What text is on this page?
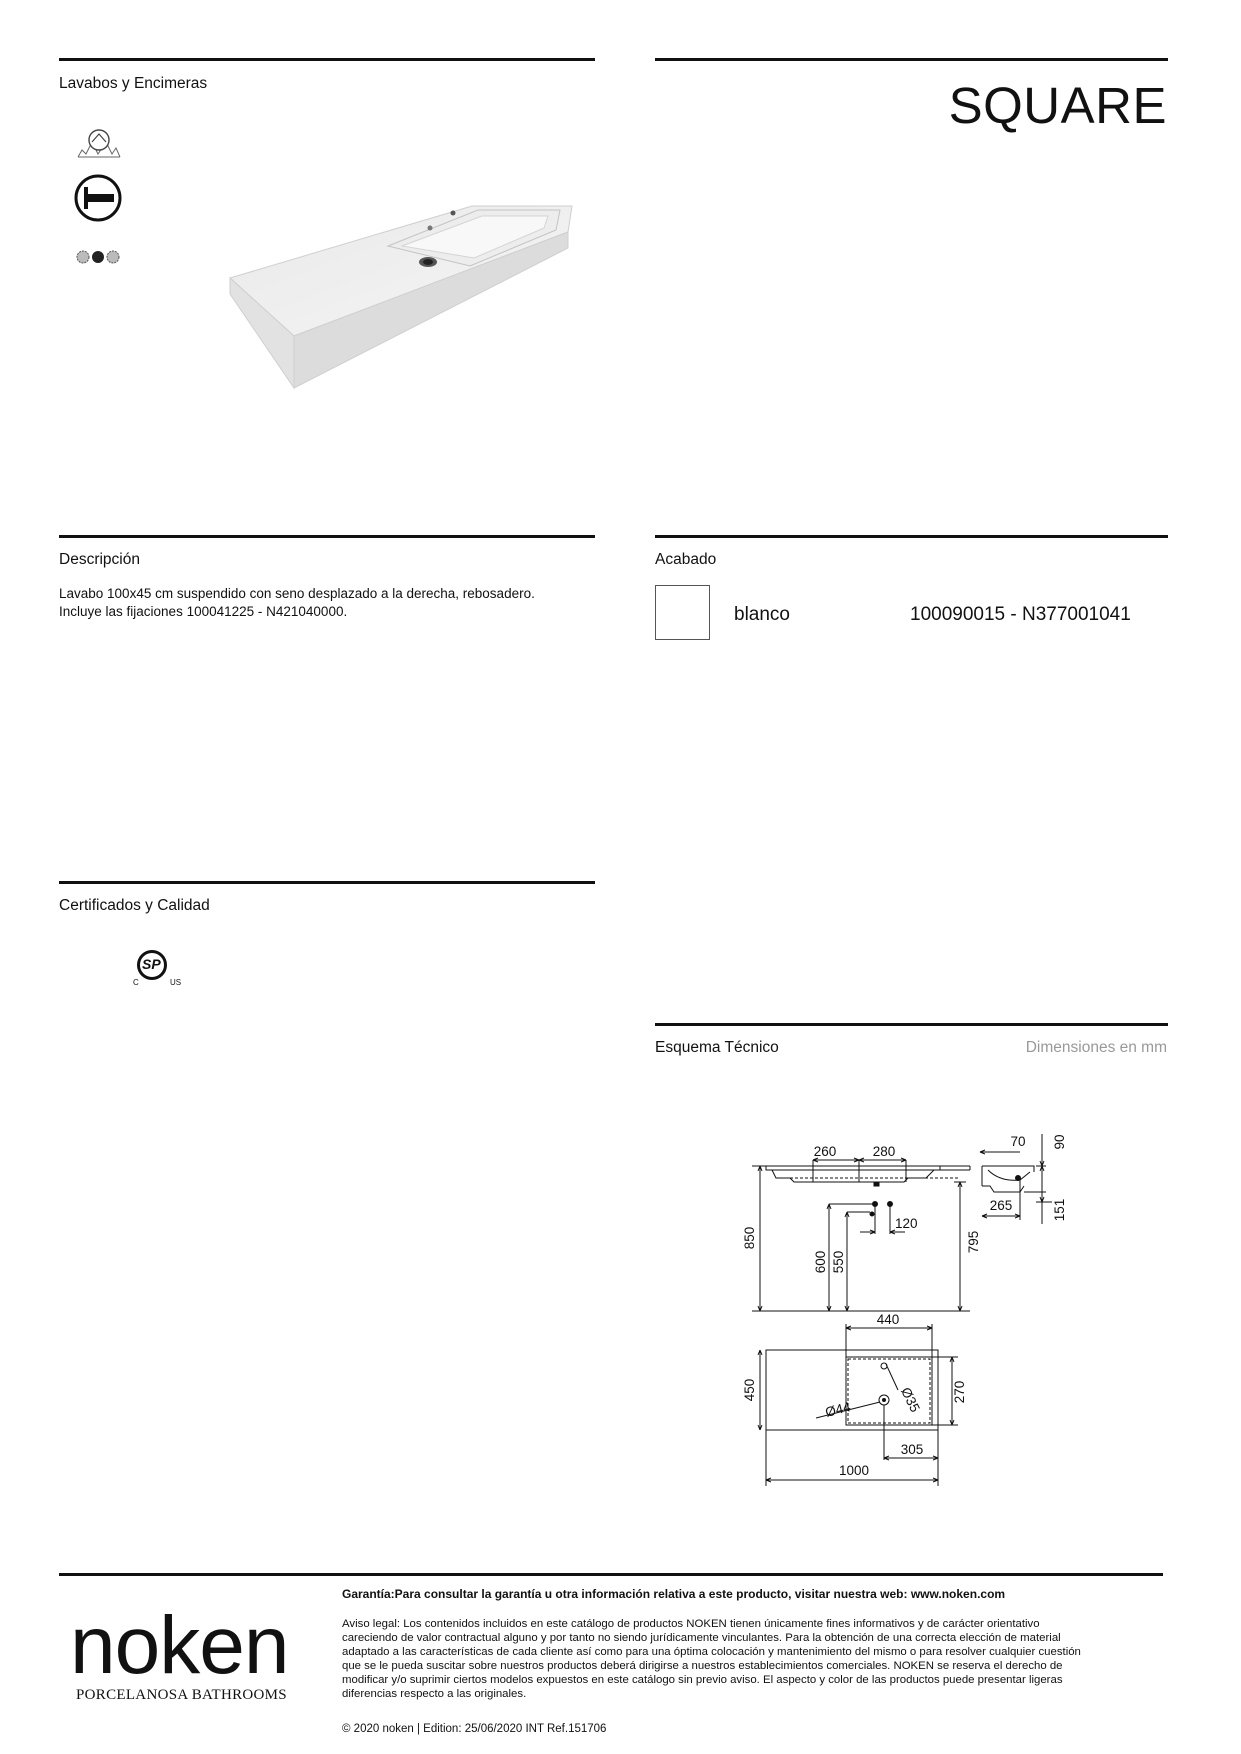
Lavabos y Encimeras	SQUARE
Descripción
Lavabo 100x45 cm suspendido con seno desplazado a la derecha, rebosadero.
Incluye las fijaciones 100041225 - N421040000.
Acabado
blanco	100090015 - N377001041
Certificados y Calidad
SP
C	US
Esquema Técnico	Dimensiones en mm
260	280
70 90
850
600 550
120
795
265	151
440
450
Ø44	Ø35 270
305
1000
noken
PORCELANOSA BATHROOMS
Garantía:Para consultar la garantía u otra información relativa a este producto, visitar nuestra web: www.noken.com
Aviso legal: Los contenidos incluidos en este catálogo de productos NOKEN tienen únicamente fines informativos y de carácter orientativo
careciendo de valor contractual alguno y por tanto no siendo jurídicamente vinculantes. Para la obtención de una correcta elección de material
adaptado a las características de cada cliente así como para una óptima colocación y mantenimiento del mismo o para resolver cualquier cuestión
que se le pueda suscitar sobre nuestros productos deberá dirigirse a nuestros establecimientos comerciales. NOKEN se reserva el derecho de
modificar y/o suprimir ciertos modelos expuestos en este catálogo sin previo aviso. El aspecto y color de las productos puede presentar ligeras
diferencias respecto a las originales.
© 2020 noken | Edition: 25/06/2020 INT Ref.151706
